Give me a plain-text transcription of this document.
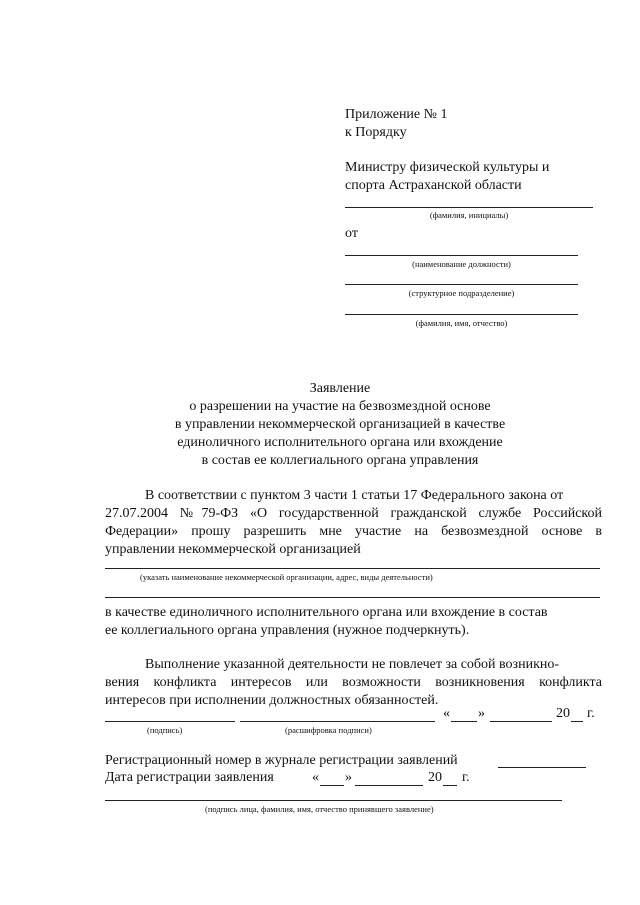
Приложение № 1
к Порядку
Министру физической культуры и
спорта Астраханской области
(фамилия, инициалы)
от
(наименование должности)
(структурное подразделение)
(фамилия, имя, отчество)
Заявление
о разрешении на участие на безвозмездной основе
в управлении некоммерческой организацией в качестве
единоличного исполнительного органа или вхождение
в состав ее коллегиального органа управления
В соответствии с пунктом 3 части 1 статьи 17 Федерального закона от
27.07.2004 №79-ФЗ «О государственной гражданской службе Российской
Федерации» прошу разрешить мне участие на безвозмездной основе в
управлении некоммерческой организацией
(указать наименование некоммерческой организации, адрес, виды деятельности)
в качестве единоличного исполнительного органа или вхождение в состав
ее коллегиального органа управления (нужное подчеркнуть).
Выполнение указанной деятельности не повлечет за собой возникно-
вения конфликта интересов или возможности возникновения конфликта
интересов при исполнении должностных обязанностей.
« »	20 г.
(подпись)	(расшифровка подписи)
Регистрационный номер в журнале регистрации заявлений
Дата регистрации заявления	« »	20 г.
(подпись лица, фамилия, имя, отчество принявшего заявление)
